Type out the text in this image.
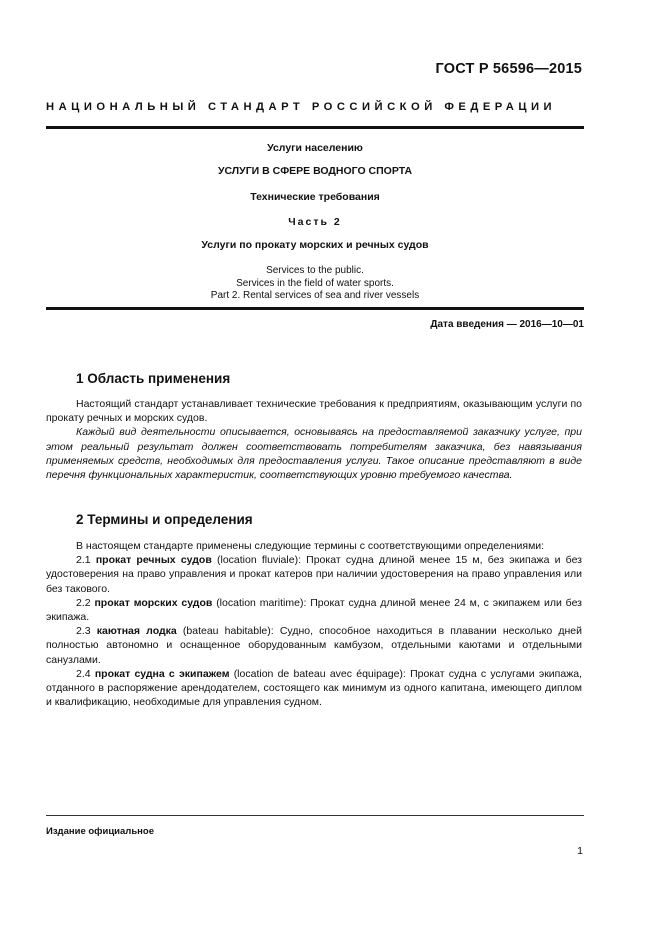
ГОСТ Р 56596—2015
НАЦИОНАЛЬНЫЙ СТАНДАРТ РОССИЙСКОЙ ФЕДЕРАЦИИ
Услуги населению
УСЛУГИ В СФЕРЕ ВОДНОГО СПОРТА
Технические требования
Часть 2
Услуги по прокату морских и речных судов
Services to the public.
Services in the field of water sports.
Part 2. Rental services of sea and river vessels
Дата введения — 2016—10—01
1 Область применения

Настоящий стандарт устанавливает технические требования к предприятиям, оказывающим услуги по прокату речных и морских судов.

Каждый вид деятельности описывается, основываясь на предоставляемой заказчику услуге, при этом реальный результат должен соответствовать потребителям заказчика, без навязывания применяемых средств, необходимых для предоставления услуги. Такое описание представляют в виде перечня функциональных характеристик, соответствующих уровню требуемого качества.

2 Термины и определения

В настоящем стандарте применены следующие термины с соответствующими определениями:

2.1 прокат речных судов (location fluviale): Прокат судна длиной менее 15 м, без экипажа и без удостоверения на право управления и прокат катеров при наличии удостоверения на право управления или без такового.

2.2 прокат морских судов (location maritime): Прокат судна длиной менее 24 м, с экипажем или без экипажа.

2.3 каютная лодка (bateau habitable): Судно, способное находиться в плавании несколько дней полностью автономно и оснащенное оборудованным камбузом, отдельными каютами и отдельными санузлами.

2.4 прокат судна с экипажем (location de bateau avec équipage): Прокат судна с услугами экипажа, отданного в распоряжение арендодателем, состоящего как минимум из одного капитана, имеющего диплом и квалификацию, необходимые для управления судном.

Издание официальное
1
